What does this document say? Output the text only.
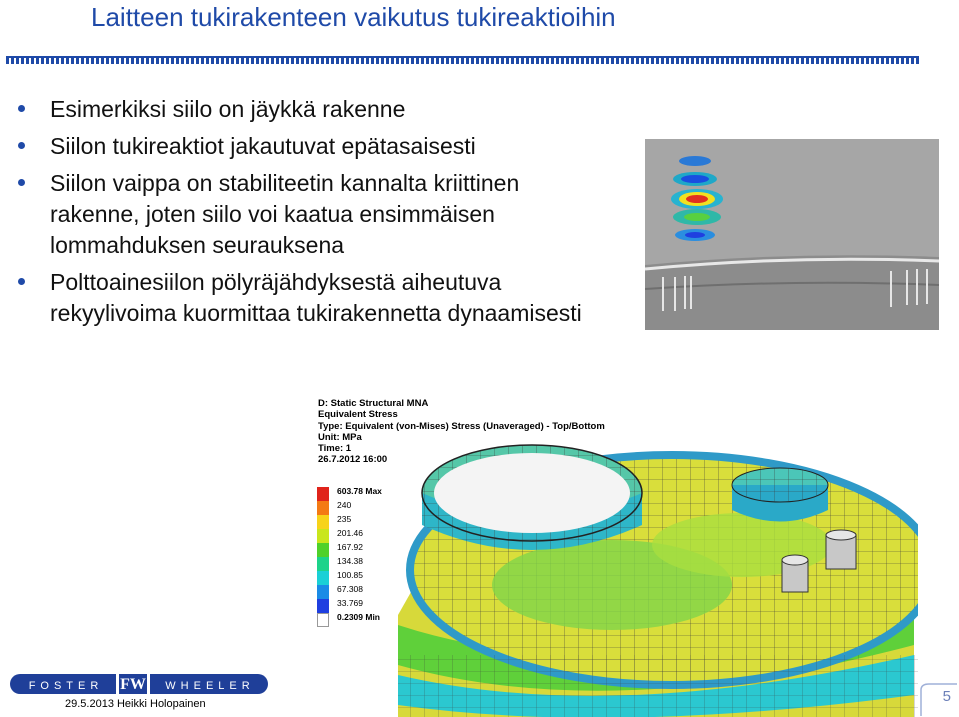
Laitteen tukirakenteen vaikutus tukireaktioihin
Esimerkiksi siilo on jäykkä rakenne
Siilon tukireaktiot jakautuvat epätasaisesti
Siilon vaippa on stabiliteetin kannalta kriittinen rakenne, joten siilo voi kaatua ensimmäisen lommahduksen seurauksena
Polttoainesiilon pölyräjähdyksestä aiheutuva rekyylivoima kuormittaa tukirakennetta dynaamisesti
D: Static Structural MNA
Equivalent Stress
Type: Equivalent (von-Mises) Stress (Unaveraged) - Top/Bottom
Unit: MPa
Time: 1
26.7.2012 16:00
603.78 Max
240
235
201.46
167.92
134.38
100.85
67.308
33.769
0.2309 Min
FW
FOSTER	WHEELER
29.5.2013 Heikki Holopainen	5
